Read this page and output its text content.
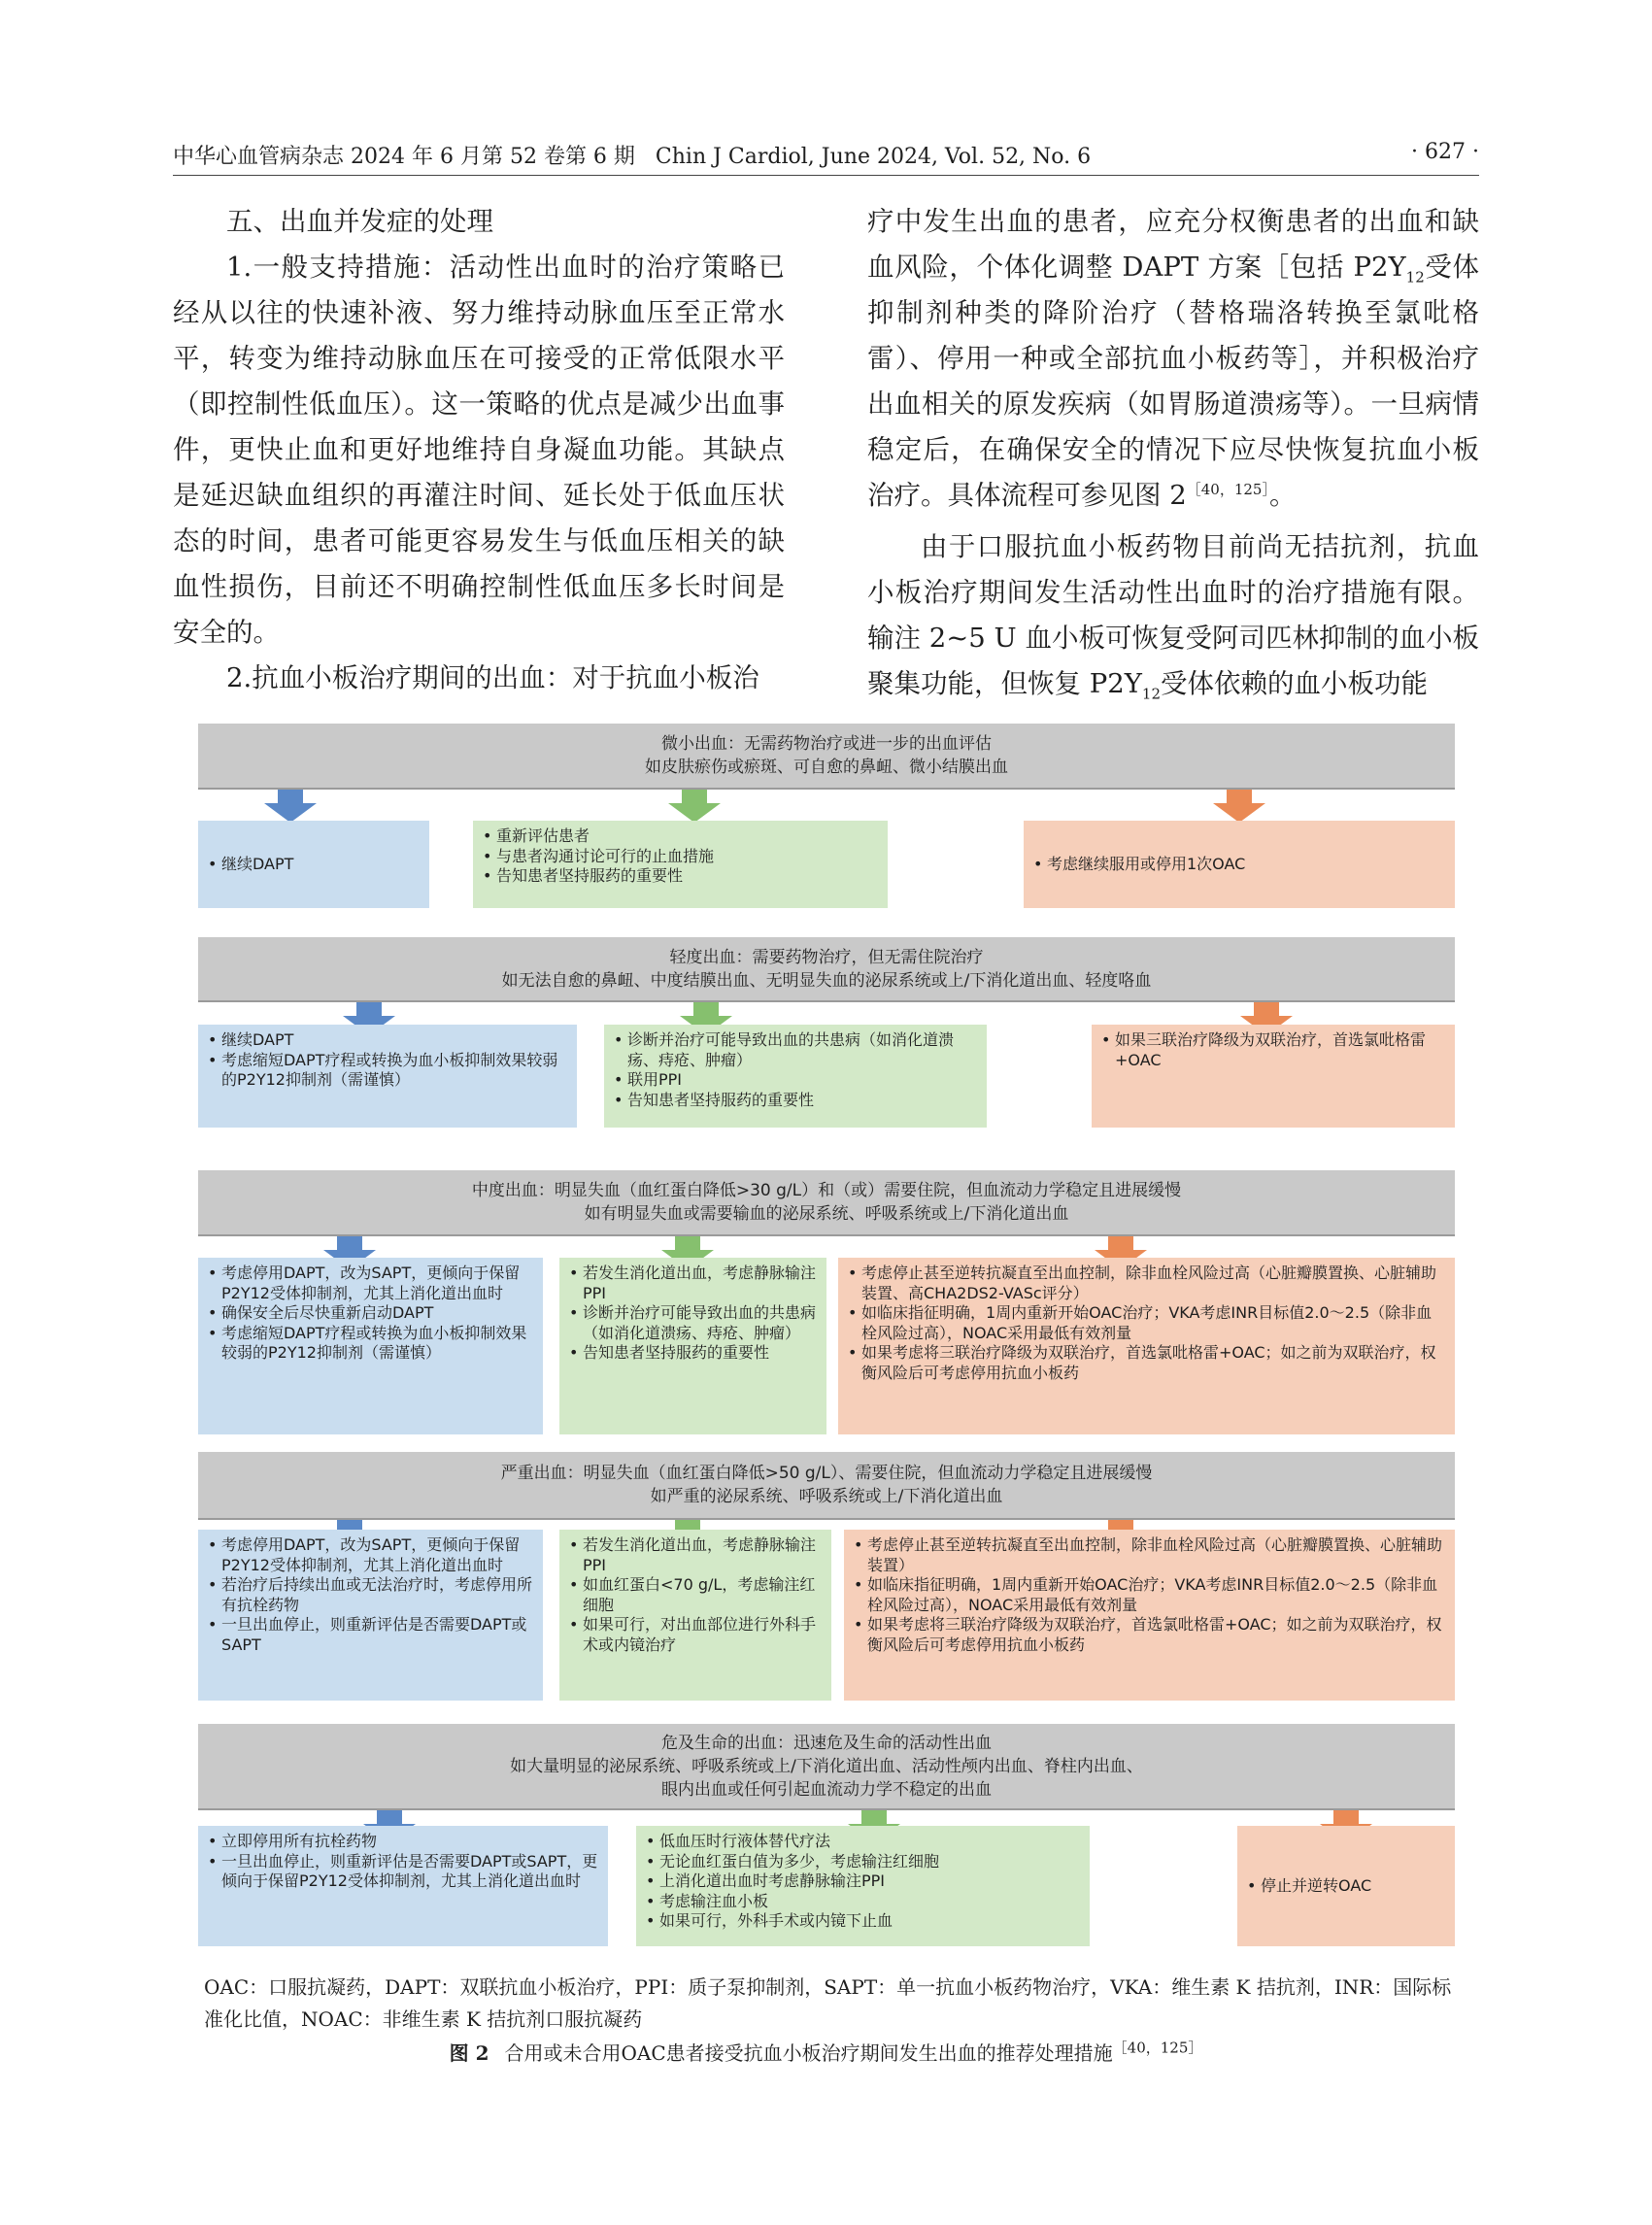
中华心血管病杂志 2024 年 6 月第 52 卷第 6 期 Chin J Cardiol, June 2024, Vol. 52, No. 6	· 627 ·

五、出血并发症的处理

1.一般支持措施：活动性出血时的治疗策略已经从以往的快速补液、努力维持动脉血压至正常水平，转变为维持动脉血压在可接受的正常低限水平（即控制性低血压）。这一策略的优点是减少出血事件，更快止血和更好地维持自身凝血功能。其缺点是延迟缺血组织的再灌注时间、延长处于低血压状态的时间，患者可能更容易发生与低血压相关的缺血性损伤，目前还不明确控制性低血压多长时间是安全的。

2.抗血小板治疗期间的出血：对于抗血小板治

疗中发生出血的患者，应充分权衡患者的出血和缺血风险，个体化调整 DAPT 方案［包括 $P2Y_{12}$受体抑制剂种类的降阶治疗（替格瑞洛转换至氯吡格雷）、停用一种或全部抗血小板药等］，并积极治疗出血相关的原发疾病（如胃肠道溃疡等）。一旦病情稳定后，在确保安全的情况下应尽快恢复抗血小板治疗。具体流程可参见图 $2^{[40,125]}$。

由于口服抗血小板药物目前尚无拮抗剂，抗血小板治疗期间发生活动性出血时的治疗措施有限。输注 2~5 U 血小板可恢复受阿司匹林抑制的血小板聚集功能，但恢复 $P2Y_{12}$受体依赖的血小板功能

微小出血：无需药物治疗或进一步的出血评估
如皮肤瘀伤或瘀斑、可自愈的鼻衄、微小结膜出血
• 继续DAPT
• 重新评估患者
• 与患者沟通讨论可行的止血措施
• 告知患者坚持服药的重要性
• 考虑继续服用或停用1次OAC
轻度出血：需要药物治疗，但无需住院治疗
如无法自愈的鼻衄、中度结膜出血、无明显失血的泌尿系统或上/下消化道出血、轻度咯血
• 继续DAPT
• 考虑缩短DAPT疗程或转换为血小板抑制效果较弱的P2Y12抑制剂（需谨慎）
• 诊断并治疗可能导致出血的共患病（如消化道溃疡、痔疮、肿瘤）
• 联用PPI
• 告知患者坚持服药的重要性
• 如果三联治疗降级为双联治疗，首选氯吡格雷+OAC
中度出血：明显失血（血红蛋白降低>30 g/L）和（或）需要住院，但血流动力学稳定且进展缓慢
如有明显失血或需要输血的泌尿系统、呼吸系统或上/下消化道出血
• 考虑停用DAPT，改为SAPT，更倾向于保留P2Y12受体抑制剂，尤其上消化道出血时
• 确保安全后尽快重新启动DAPT
• 考虑缩短DAPT疗程或转换为血小板抑制效果较弱的P2Y12抑制剂（需谨慎）
• 若发生消化道出血，考虑静脉输注PPI
• 诊断并治疗可能导致出血的共患病（如消化道溃疡、痔疮、肿瘤）
• 告知患者坚持服药的重要性
• 考虑停止甚至逆转抗凝直至出血控制，除非血栓风险过高（心脏瓣膜置换、心脏辅助装置、高CHA2DS2-VASc评分）
• 如临床指征明确，1周内重新开始OAC治疗；VKA考虑INR目标值2.0～2.5（除非血栓风险过高），NOAC采用最低有效剂量
• 如果考虑将三联治疗降级为双联治疗，首选氯吡格雷+OAC；如之前为双联治疗，权衡风险后可考虑停用抗血小板药
严重出血：明显失血（血红蛋白降低>50 g/L）、需要住院，但血流动力学稳定且进展缓慢
如严重的泌尿系统、呼吸系统或上/下消化道出血
• 考虑停用DAPT，改为SAPT，更倾向于保留P2Y12受体抑制剂，尤其上消化道出血时
• 若治疗后持续出血或无法治疗时，考虑停用所有抗栓药物
• 一旦出血停止，则重新评估是否需要DAPT或SAPT
• 若发生消化道出血，考虑静脉输注PPI
• 如血红蛋白<70 g/L，考虑输注红细胞
• 如果可行，对出血部位进行外科手术或内镜治疗
• 考虑停止甚至逆转抗凝直至出血控制，除非血栓风险过高（心脏瓣膜置换、心脏辅助装置）
• 如临床指征明确，1周内重新开始OAC治疗；VKA考虑INR目标值2.0～2.5（除非血栓风险过高），NOAC采用最低有效剂量
• 如果考虑将三联治疗降级为双联治疗，首选氯吡格雷+OAC；如之前为双联治疗，权衡风险后可考虑停用抗血小板药
危及生命的出血：迅速危及生命的活动性出血
如大量明显的泌尿系统、呼吸系统或上/下消化道出血、活动性颅内出血、脊柱内出血、
眼内出血或任何引起血流动力学不稳定的出血
• 立即停用所有抗栓药物
• 一旦出血停止，则重新评估是否需要DAPT或SAPT，更倾向于保留P2Y12受体抑制剂，尤其上消化道出血时
• 低血压时行液体替代疗法
• 无论血红蛋白值为多少，考虑输注红细胞
• 上消化道出血时考虑静脉输注PPI
• 考虑输注血小板
• 如果可行，外科手术或内镜下止血
• 停止并逆转OAC
OAC：口服抗凝药，DAPT：双联抗血小板治疗，PPI：质子泵抑制剂，SAPT：单一抗血小板药物治疗，VKA：维生素 K 拮抗剂，INR：国际标准化比值，NOAC：非维生素 K 拮抗剂口服抗凝药
图 2 合用或未合用OAC患者接受抗血小板治疗期间发生出血的推荐处理措施$^{[40,125]}$
